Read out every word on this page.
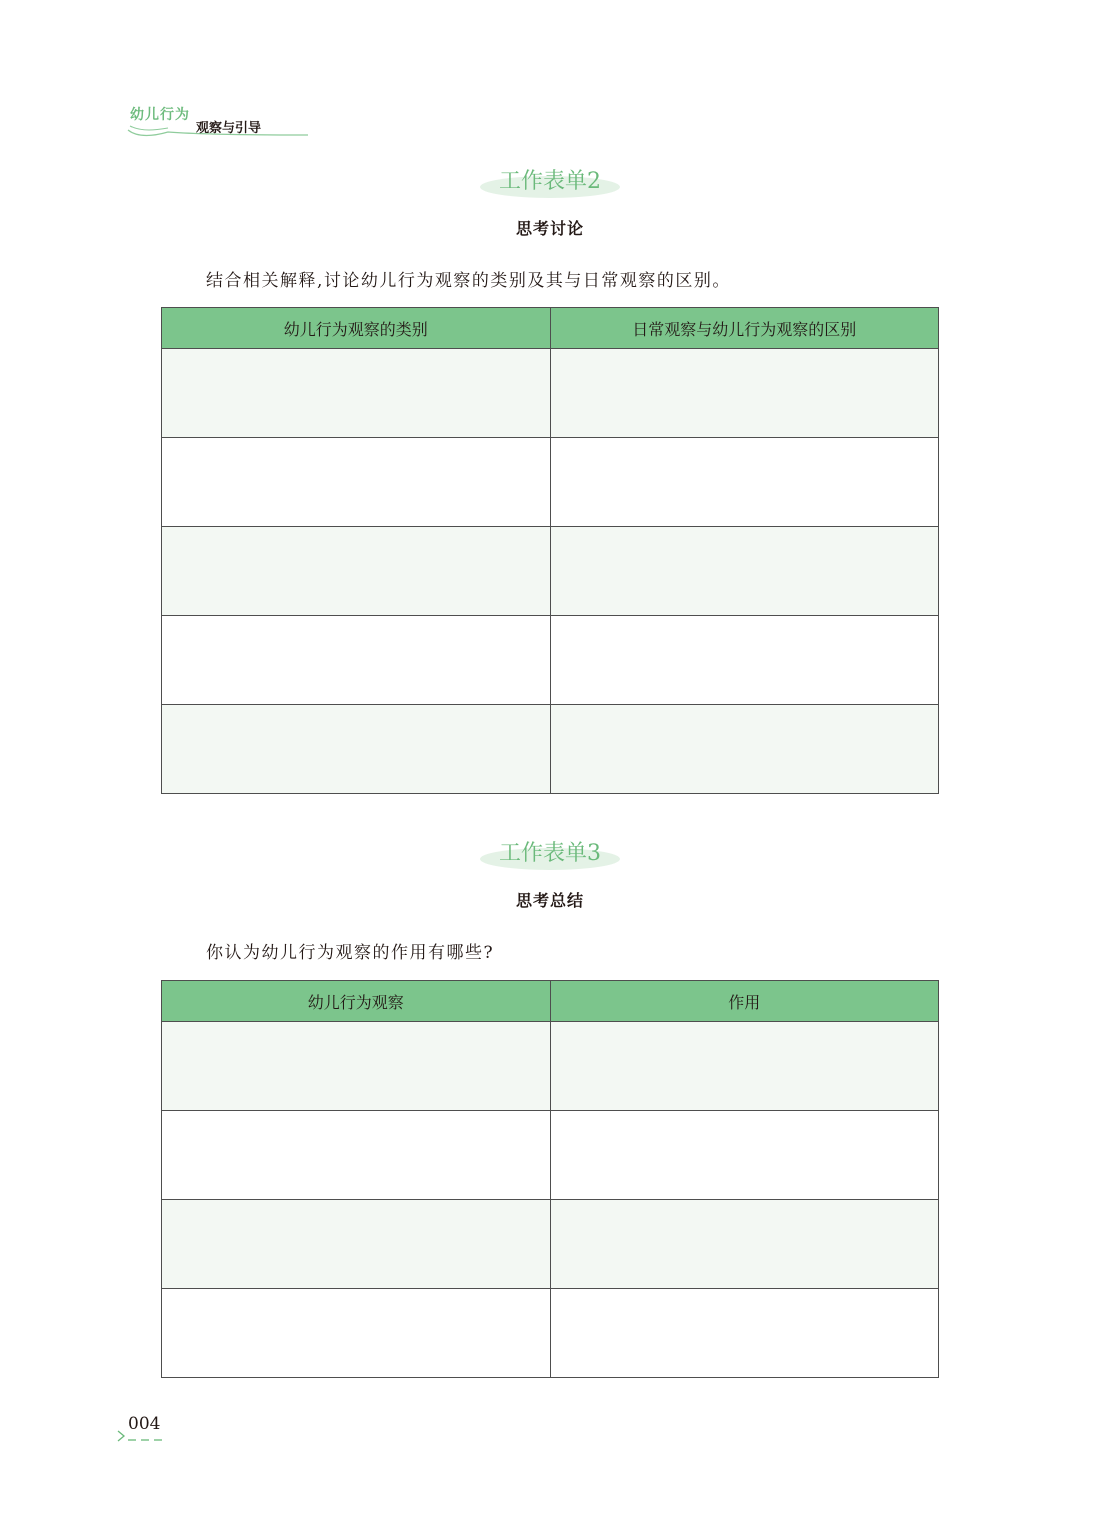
幼儿行为
观察与引导
工作表单2
思考讨论
结合相关解释,讨论幼儿行为观察的类别及其与日常观察的区别。
幼儿行为观察的类别	日常观察与幼儿行为观察的区别

工作表单3
思考总结
你认为幼儿行为观察的作用有哪些?
幼儿行为观察	作用

004
